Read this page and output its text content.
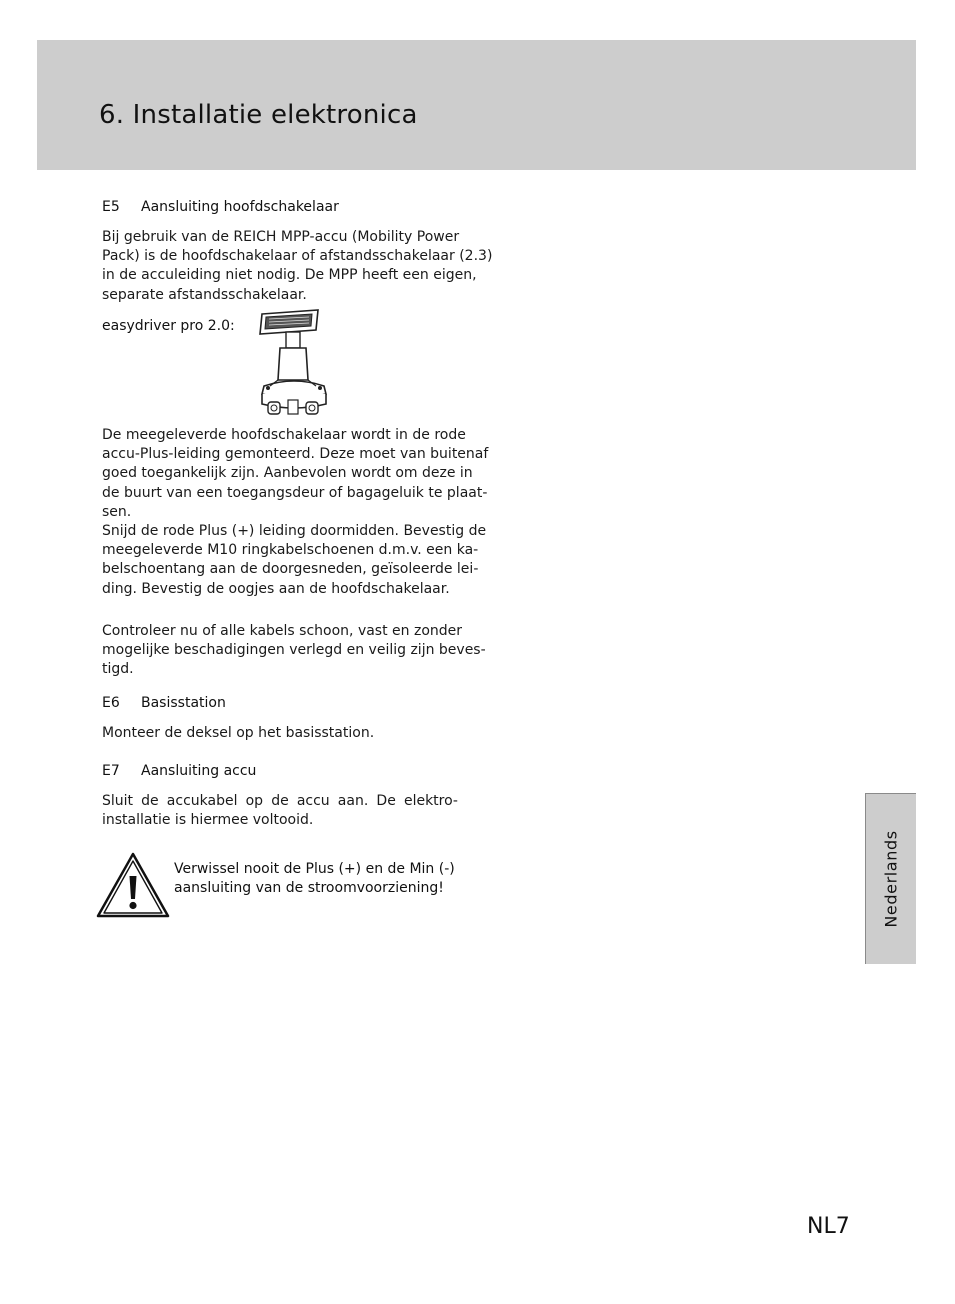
6. Installatie elektronica
E5 Aansluiting hoofdschakelaar
Bij gebruik van de REICH MPP-accu (Mobility Power
Pack) is de hoofdschakelaar of afstandsschakelaar (2.3)
in de acculeiding niet nodig. De MPP heeft een eigen,
separate afstandsschakelaar.
easydriver pro 2.0:
De meegeleverde hoofdschakelaar wordt in de rode
accu-Plus-leiding gemonteerd. Deze moet van buitenaf
goed toegankelijk zijn. Aanbevolen wordt om deze in
de buurt van een toegangsdeur of bagageluik te plaat-
sen.
Snijd de rode Plus (+) leiding doormidden. Bevestig de
meegeleverde M10 ringkabelschoenen d.m.v. een ka-
belschoentang aan de doorgesneden, geïsoleerde lei-
ding. Bevestig de oogjes aan de hoofdschakelaar.
Controleer nu of alle kabels schoon, vast en zonder
mogelijke beschadigingen verlegd en veilig zijn beves-
tigd.
E6 Basisstation
Monteer de deksel op het basisstation.
E7 Aansluiting accu
Sluit de accukabel op de accu aan. De elektro-
installatie is hiermee voltooid.
Verwissel nooit de Plus (+) en de Min (-)
aansluiting van de stroomvoorziening!	Nederlands
NL7
